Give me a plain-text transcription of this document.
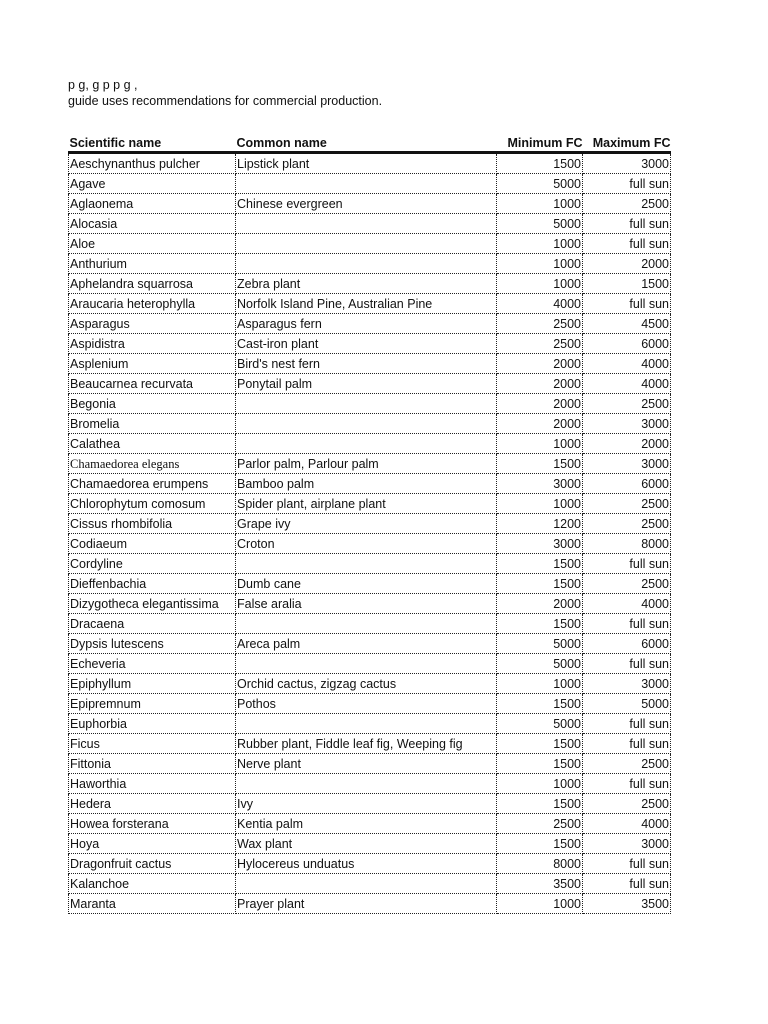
p g, g p p g ,
guide uses recommendations for commercial production.
Scientific name	Common name	Minimum FC	Maximum FC
Aeschynanthus pulcher	Lipstick plant	1500	3000
Agave		5000	full sun
Aglaonema	Chinese evergreen	1000	2500
Alocasia		5000	full sun
Aloe		1000	full sun
Anthurium		1000	2000
Aphelandra squarrosa	Zebra plant	1000	1500
Araucaria heterophylla	Norfolk Island Pine, Australian Pine	4000	full sun
Asparagus	Asparagus fern	2500	4500
Aspidistra	Cast-iron plant	2500	6000
Asplenium	Bird's nest fern	2000	4000
Beaucarnea recurvata	Ponytail palm	2000	4000
Begonia		2000	2500
Bromelia		2000	3000
Calathea		1000	2000
Chamaedorea elegans	Parlor palm, Parlour palm	1500	3000
Chamaedorea erumpens	Bamboo palm	3000	6000
Chlorophytum comosum	Spider plant, airplane plant	1000	2500
Cissus rhombifolia	Grape ivy	1200	2500
Codiaeum	Croton	3000	8000
Cordyline		1500	full sun
Dieffenbachia	Dumb cane	1500	2500
Dizygotheca elegantissima	False aralia	2000	4000
Dracaena		1500	full sun
Dypsis lutescens	Areca palm	5000	6000
Echeveria		5000	full sun
Epiphyllum	Orchid cactus, zigzag cactus	1000	3000
Epipremnum	Pothos	1500	5000
Euphorbia		5000	full sun
Ficus	Rubber plant, Fiddle leaf fig, Weeping fig	1500	full sun
Fittonia	Nerve plant	1500	2500
Haworthia		1000	full sun
Hedera	Ivy	1500	2500
Howea forsterana	Kentia palm	2500	4000
Hoya	Wax plant	1500	3000
Dragonfruit cactus	Hylocereus unduatus	8000	full sun
Kalanchoe		3500	full sun
Maranta	Prayer plant	1000	3500
